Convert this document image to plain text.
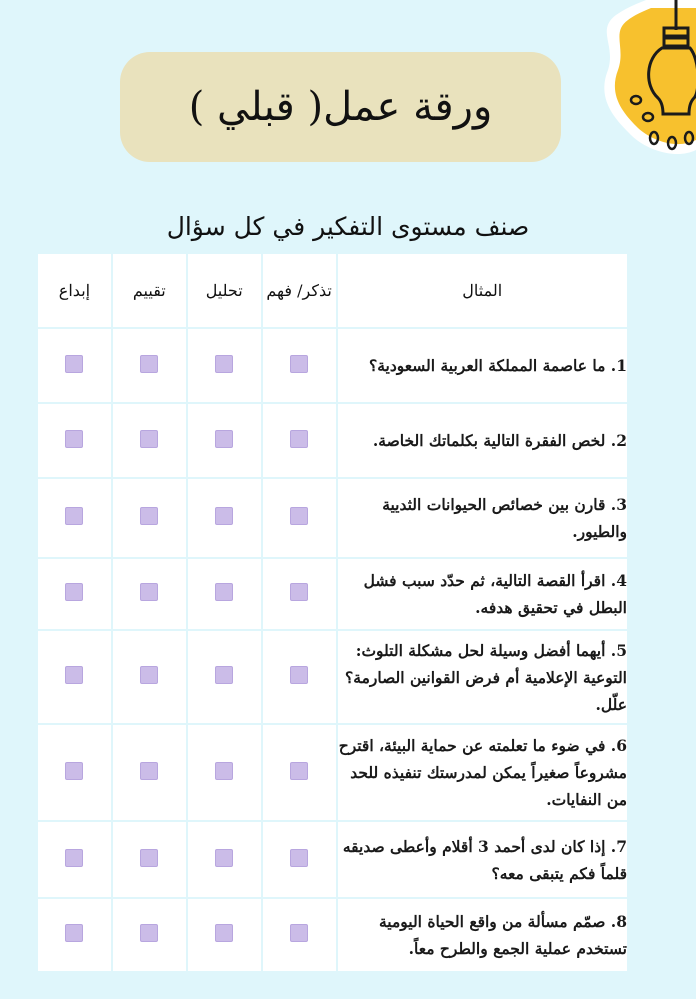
ورقة عمل( قبلي )
صنف مستوى التفكير في كل سؤال
المثال	تذكر/ فهم	تحليل	تقييم	إبداع
1. ما عاصمة المملكة العربية السعودية؟				
2. لخص الفقرة التالية بكلماتك الخاصة.				
3. قارن بين خصائص الحيوانات الثديية والطيور.				
4. اقرأ القصة التالية، ثم حدّد سبب فشل البطل في تحقيق هدفه.				
5. أيهما أفضل وسيلة لحل مشكلة التلوث: التوعية الإعلامية أم فرض القوانين الصارمة؟ علّل.				
6. في ضوء ما تعلمته عن حماية البيئة، اقترح مشروعاً صغيراً يمكن لمدرستك تنفيذه للحد من النفايات.				
7. إذا كان لدى أحمد 3 أقلام وأعطى صديقه قلماً فكم يتبقى معه؟				
8. صمّم مسألة من واقع الحياة اليومية تستخدم عملية الجمع والطرح معاً.				
